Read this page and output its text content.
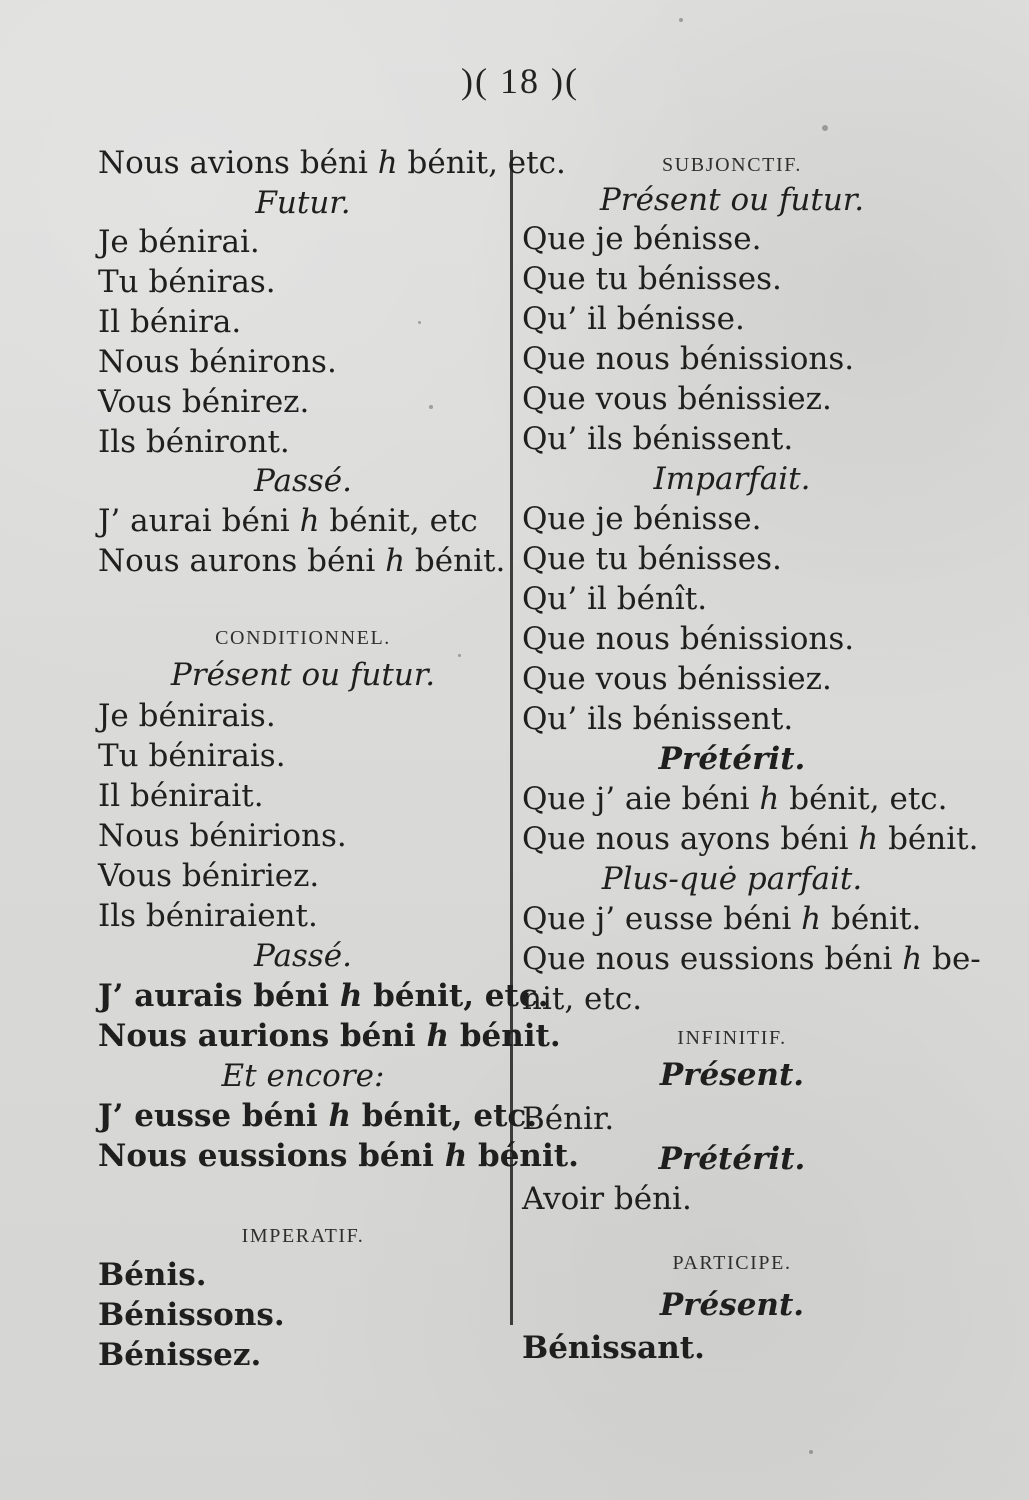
)( 18 )(
Nous avions béni ℎ bénit, etc.
Futur.
Je bénirai.
Tu béniras.
Il bénira.
Nous bénirons.
Vous bénirez.
Ils béniront.
Passé.
J’ aurai béni ℎ bénit, etc
Nous aurons béni ℎ bénit.
CONDITIONNEL.
Présent ou futur.
Je bénirais.
Tu bénirais.
Il bénirait.
Nous bénirions.
Vous béniriez.
Ils béniraient.
Passé.
J’ aurais béni ℎ bénit, etc.
Nous aurions béni ℎ bénit.
Et encore:
J’ eusse béni ℎ bénit, etc.
Nous eussions béni ℎ bénit.
IMPERATIF.
Bénis.
Bénissons.
Bénissez.
SUBJONCTIF.
Présent ou futur.
Que je bénisse.
Que tu bénisses.
Qu’ il bénisse.
Que nous bénissions.
Que vous bénissiez.
Qu’ ils bénissent.
Imparfait.
Que je bénisse.
Que tu bénisses.
Qu’ il bénît.
Que nous bénissions.
Que vous bénissiez.
Qu’ ils bénissent.
Prétérit.
Que j’ aie béni ℎ bénit, etc.
Que nous ayons béni ℎ bénit.
Plus-quė parfait.
Que j’ eusse béni ℎ bénit.
Que nous eussions béni ℎ be-
nit, etc.
INFINITIF.
Présent.
Bénir.
Prétérit.
Avoir béni.
PARTICIPE.
Présent.
Bénissant.
